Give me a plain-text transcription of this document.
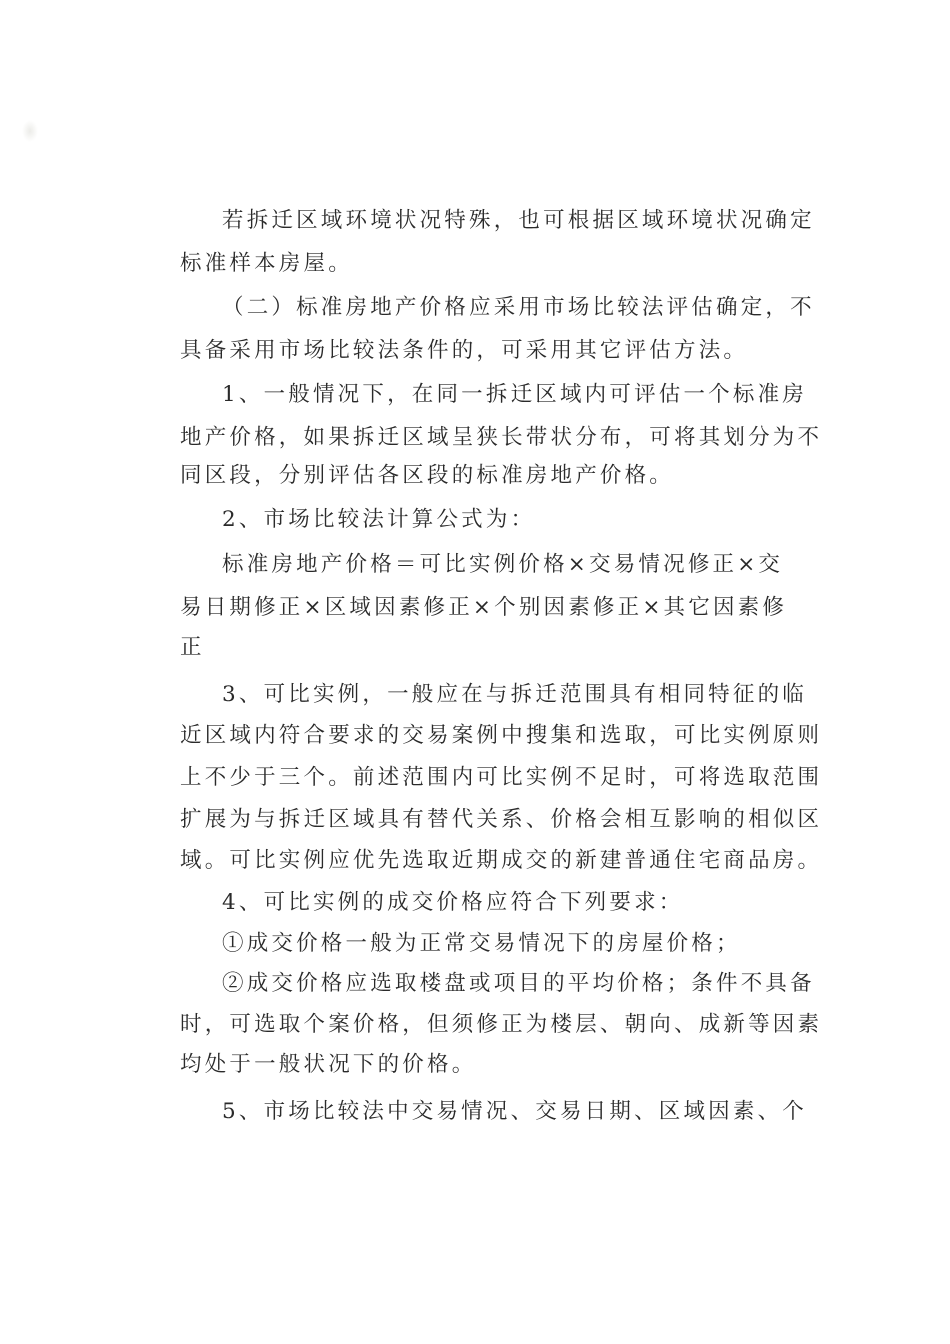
若拆迁区域环境状况特殊，也可根据区域环境状况确定
标准样本房屋。
（二）标准房地产价格应采用市场比较法评估确定，不
具备采用市场比较法条件的，可采用其它评估方法。
1、一般情况下，在同一拆迁区域内可评估一个标准房
地产价格，如果拆迁区域呈狭长带状分布，可将其划分为不
同区段，分别评估各区段的标准房地产价格。
2、市场比较法计算公式为：
标准房地产价格＝可比实例价格×交易情况修正×交
易日期修正×区域因素修正×个别因素修正×其它因素修
正
3、可比实例，一般应在与拆迁范围具有相同特征的临
近区域内符合要求的交易案例中搜集和选取，可比实例原则
上不少于三个。前述范围内可比实例不足时，可将选取范围
扩展为与拆迁区域具有替代关系、价格会相互影响的相似区
域。可比实例应优先选取近期成交的新建普通住宅商品房。
4、可比实例的成交价格应符合下列要求：
①成交价格一般为正常交易情况下的房屋价格；
②成交价格应选取楼盘或项目的平均价格；条件不具备
时，可选取个案价格，但须修正为楼层、朝向、成新等因素
均处于一般状况下的价格。
5、市场比较法中交易情况、交易日期、区域因素、个
